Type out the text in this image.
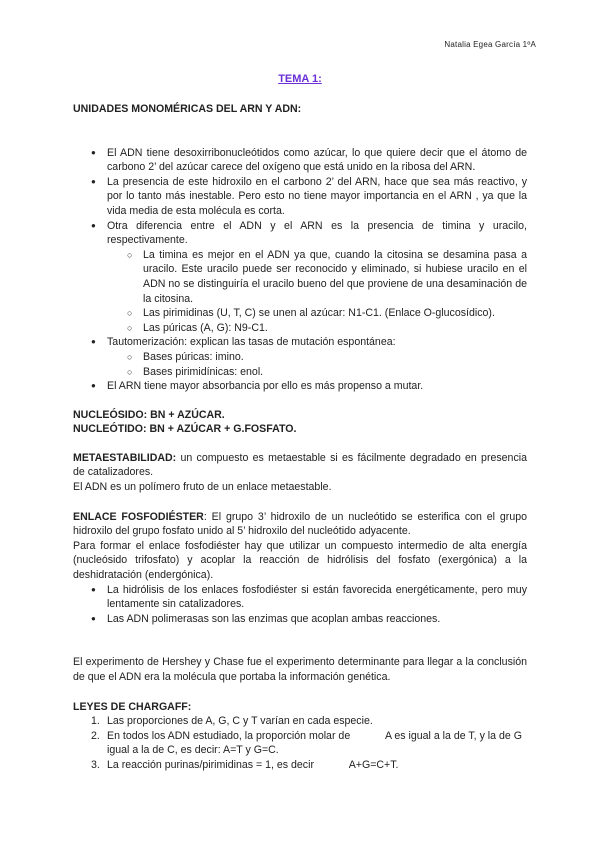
Natalia Egea García 1ºA
TEMA 1:

UNIDADES MONOMÉRICAS DEL ARN Y ADN:

● El ADN tiene desoxirribonucleótidos como azúcar, lo que quiere decir que el átomo de carbono 2’ del azúcar carece del oxígeno que está unido en la ribosa del ARN.
● La presencia de este hidroxilo en el carbono 2’ del ARN, hace que sea más reactivo, y por lo tanto más inestable. Pero esto no tiene mayor importancia en el ARN , ya que la vida media de esta molécula es corta.
● Otra diferencia entre el ADN y el ARN es la presencia de timina y uracilo, respectivamente.
○ La timina es mejor en el ADN ya que, cuando la citosina se desamina pasa a uracilo. Este uracilo puede ser reconocido y eliminado, si hubiese uracilo en el ADN no se distinguiría el uracilo bueno del que proviene de una desaminación de la citosina.
○ Las pirimidinas (U, T, C) se unen al azúcar: N1-C1. (Enlace O-glucosídico).
○ Las púricas (A, G): N9-C1.
● Tautomerización: explican las tasas de mutación espontánea:
○ Bases púricas: imino.
○ Bases pirimidínicas: enol.
● El ARN tiene mayor absorbancia por ello es más propenso a mutar.

NUCLEÓSIDO: BN + AZÚCAR.

NUCLEÓTIDO: BN + AZÚCAR + G.FOSFATO.

METAESTABILIDAD: un compuesto es metaestable si es fácilmente degradado en presencia de catalizadores.

El ADN es un polímero fruto de un enlace metaestable.

ENLACE FOSFODIÉSTER: El grupo 3’ hidroxilo de un nucleótido se esterifica con el grupo hidroxilo del grupo fosfato unido al 5’ hidroxilo del nucleótido adyacente.

Para formar el enlace fosfodiéster hay que utilizar un compuesto intermedio de alta energía (nucleósido trifosfato) y acoplar la reacción de hidrólisis del fosfato (exergónica) a la deshidratación (endergónica).

● La hidrólisis de los enlaces fosfodiéster si están favorecida energéticamente, pero muy lentamente sin catalizadores.
● Las ADN polimerasas son las enzimas que acoplan ambas reacciones.

El experimento de Hershey y Chase fue el experimento determinante para llegar a la conclusión de que el ADN era la molécula que portaba la información genética.

LEYES DE CHARGAFF:

1. Las proporciones de A, G, C y T varían en cada especie.
2. En todos los ADN estudiado, la proporción molar de            A es igual a la de T, y la de G igual a la de C, es decir: A=T y G=C.
3. La reacción purinas/pirimidinas = 1, es decir            A+G=C+T.
